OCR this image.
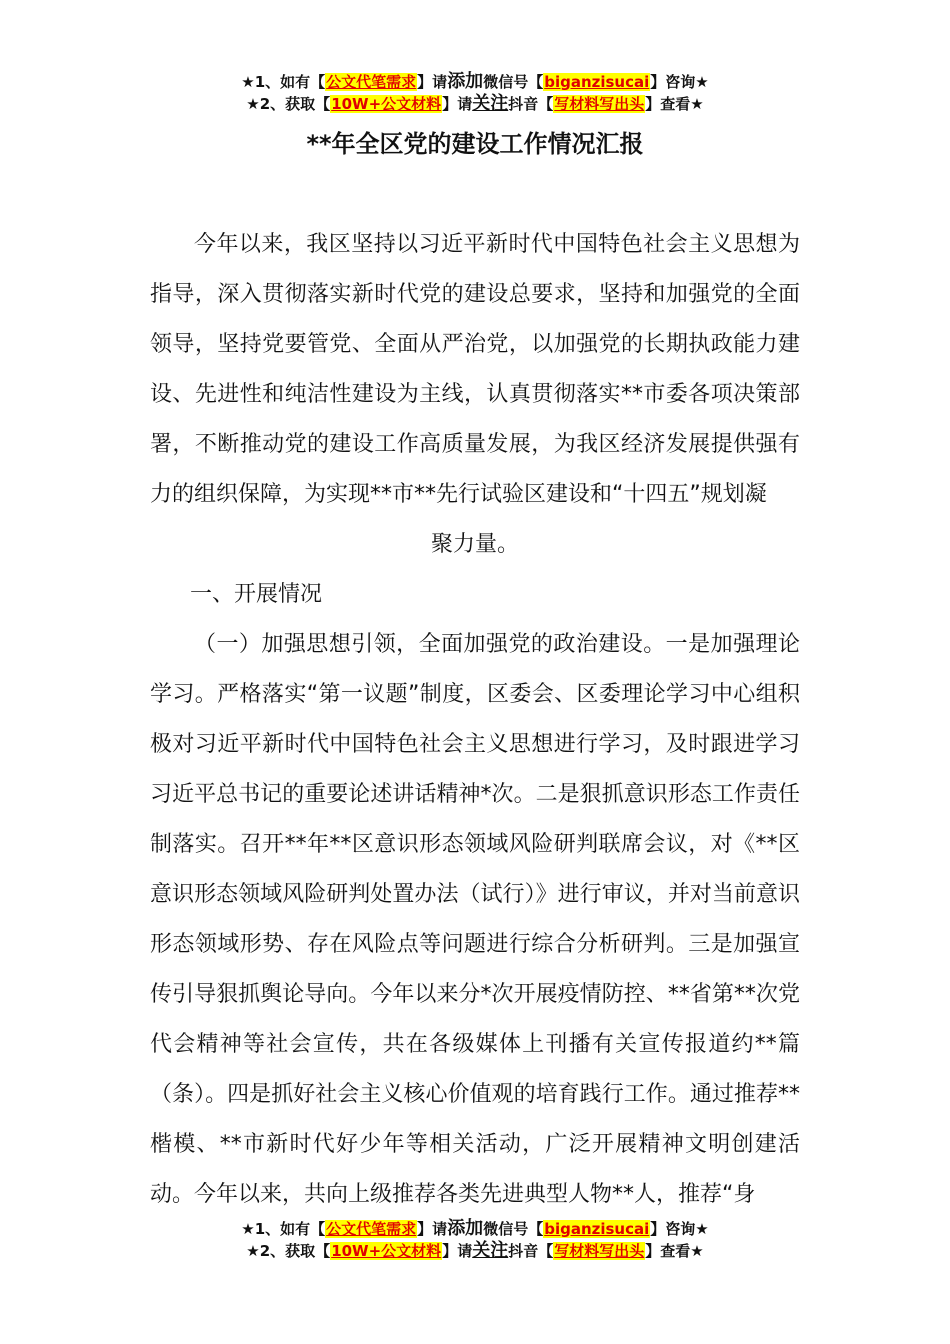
★1、如有【公文代笔需求】请添加微信号【biganzisucai】咨询★
★2、获取【10W+公文材料】请关注抖音【写材料写出头】查看★
**年全区党的建设工作情况汇报

今年以来，我区坚持以习近平新时代中国特色社会主义思想为指导，深入贯彻落实新时代党的建设总要求，坚持和加强党的全面领导，坚持党要管党、全面从严治党，以加强党的长期执政能力建设、先进性和纯洁性建设为主线，认真贯彻落实**市委各项决策部署，不断推动党的建设工作高质量发展，为我区经济发展提供强有力的组织保障，为实现**市**先行试验区建设和“十四五”规划凝

聚力量。

一、开展情况

（一）加强思想引领，全面加强党的政治建设。一是加强理论学习。严格落实“第一议题”制度，区委会、区委理论学习中心组积极对习近平新时代中国特色社会主义思想进行学习，及时跟进学习习近平总书记的重要论述讲话精神*次。二是狠抓意识形态工作责任制落实。召开**年**区意识形态领域风险研判联席会议，对《**区意识形态领域风险研判处置办法（试行）》进行审议，并对当前意识形态领域形势、存在风险点等问题进行综合分析研判。三是加强宣传引导狠抓舆论导向。今年以来分*次开展疫情防控、**省第**次党代会精神等社会宣传，共在各级媒体上刊播有关宣传报道约**篇（条）。四是抓好社会主义核心价值观的培育践行工作。通过推荐**楷模、**市新时代好少年等相关活动，广泛开展精神文明创建活动。今年以来，共向上级推荐各类先进典型人物**人，推荐“身

★1、如有【公文代笔需求】请添加微信号【biganzisucai】咨询★
★2、获取【10W+公文材料】请关注抖音【写材料写出头】查看★
